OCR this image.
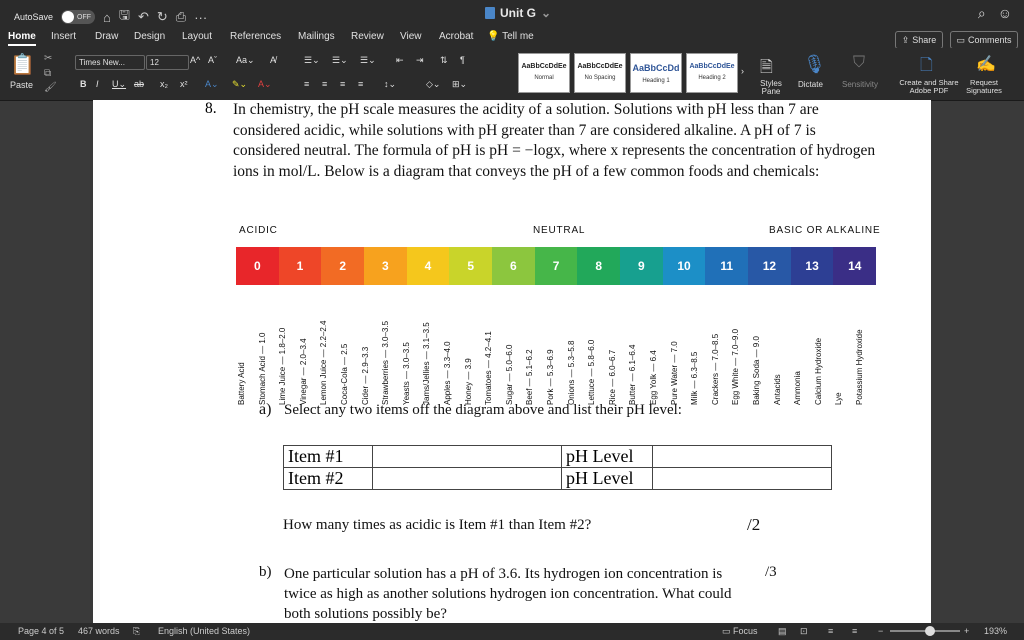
AutoSave	OFF ⌂ 🖫 ↶ ↻ ⎙ ···	Unit G ⌄	⌕ ☺
Home Insert Draw Design Layout References Mailings Review View Acrobat 💡 Tell me	⇪ Share ▭ Comments
📋
Paste
✂
⧉
🖌
Times New...	12	A^ Aˇ Aa⌄ A̸
B I U⌄ ab x₂ x² A⌄ ✎⌄ A⌄
☰⌄ ☰⌄ ☰⌄ ⇤ ⇥ ⇅ ¶
≡ ≡ ≡ ≡ ↕⌄	◇⌄ ⊞⌄
AaBbCcDdEe
Normal
AaBbCcDdEe
No Spacing
AaBbCcDd
Heading 1
AaBbCcDdEe
Heading 2
› 🗎
Styles Pane
🎙
Dictate
⛉
Sensitivity
🗋
Create and Share Adobe PDF
✍
Request Signatures
8. In chemistry, the pH scale measures the acidity of a solution. Solutions with pH less than 7 are considered acidic, while solutions with pH greater than 7 are considered alkaline. A pH of 7 is considered neutral. The formula of pH is pH = −logx, where x represents the concentration of hydrogen ions in mol/L. Below is a diagram that conveys the pH of a few common foods and chemicals:
ACIDIC	NEUTRAL	BASIC OR ALKALINE
0	1	2	3	4	5	6	7	8	9	10	11	12	13	14
Battery Acid Stomach Acid — 1.0 Lime Juice — 1.8–2.0 Vinegar — 2.0–3.4 Lemon Juice — 2.2–2.4 Coca-Cola — 2.5 Cider — 2.9–3.3 Strawberries — 3.0–3.5 Yeasts — 3.0–3.5 Jams/Jellies — 3.1–3.5 Apples — 3.3–4.0 Honey — 3.9 Tomatoes — 4.2–4.1 Sugar — 5.0–6.0 Beef — 5.1–6.2 Pork — 5.3–6.9 Onions — 5.3–5.8 Lettuce — 5.8–6.0 Rice — 6.0–6.7 Butter — 6.1–6.4 Egg Yolk — 6.4 Pure Water — 7.0 Milk — 6.3–8.5 Crackers — 7.0–8.5 Egg White — 7.0–9.0 Baking Soda — 9.0 Antacids Ammonia Calcium Hydroxide Lye Potassium Hydroxide
a) Select any two items off the diagram above and list their pH level:
Item #1		pH Level	
Item #2		pH Level	
How many times as acidic is Item #1 than Item #2?	/2
b) One particular solution has a pH of 3.6. Its hydrogen ion concentration is twice as high as another solutions hydrogen ion concentration. What could both solutions possibly be?
/3
Page 4 of 5 467 words ⎘ English (United States)	▭ Focus ▤ ⊡ ≡ ≡ −	+ 193%
